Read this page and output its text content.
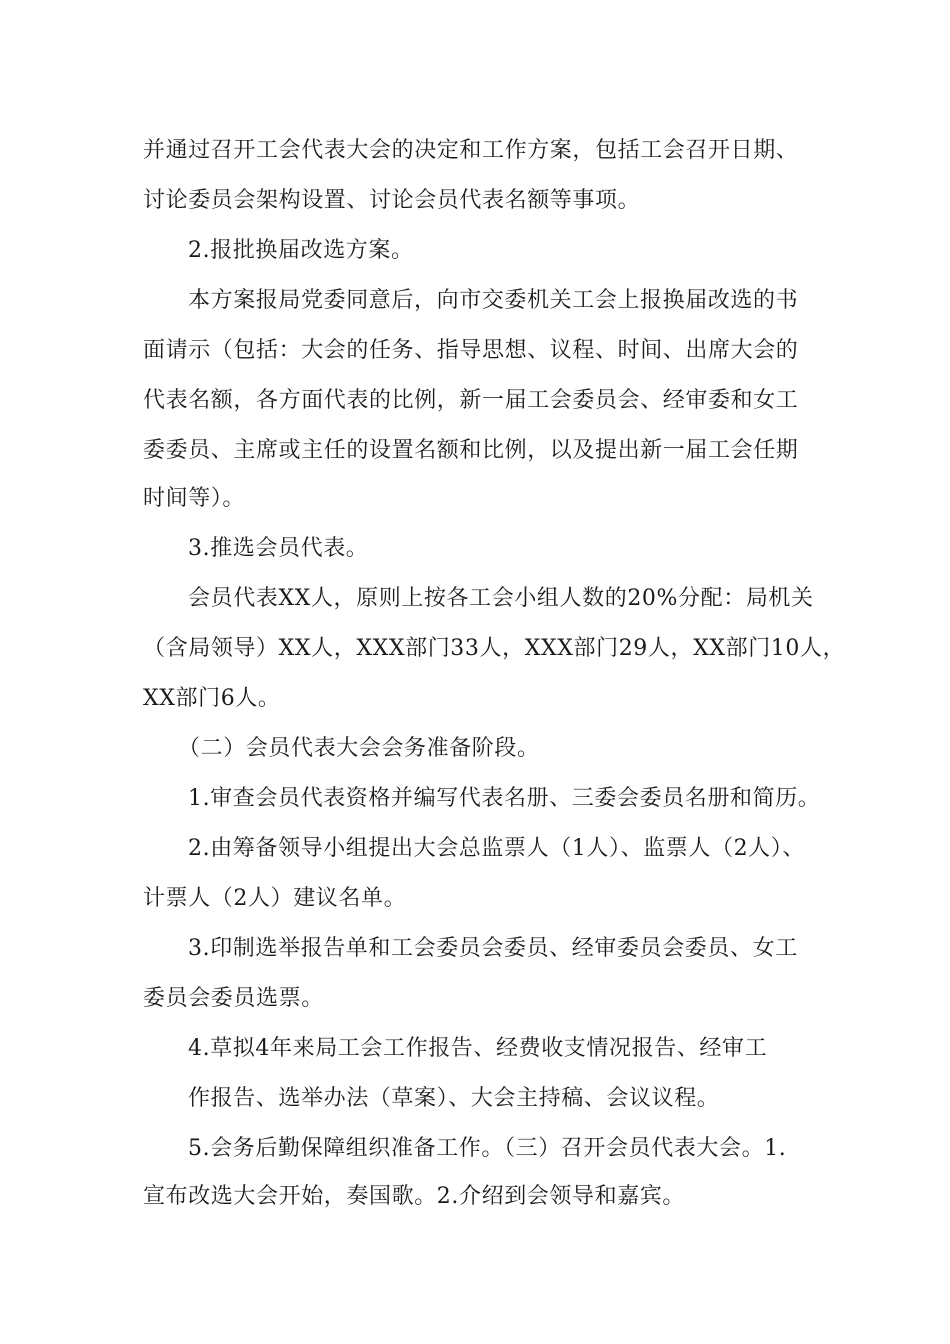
并通过召开工会代表大会的决定和工作方案，包括工会召开日期、
讨论委员会架构设置、讨论会员代表名额等事项。
2.报批换届改选方案。
本方案报局党委同意后，向市交委机关工会上报换届改选的书
面请示（包括：大会的任务、指导思想、议程、时间、出席大会的
代表名额，各方面代表的比例，新一届工会委员会、经审委和女工
委委员、主席或主任的设置名额和比例，以及提出新一届工会任期
时间等）。
3.推选会员代表。
会员代表XX人，原则上按各工会小组人数的20%分配：局机关
（含局领导）XX人，XXX部门33人，XXX部门29人，XX部门10人，
XX部门6人。
（二）会员代表大会会务准备阶段。
1.审查会员代表资格并编写代表名册、三委会委员名册和简历。
2.由筹备领导小组提出大会总监票人（1人）、监票人（2人）、
计票人（2人）建议名单。
3.印制选举报告单和工会委员会委员、经审委员会委员、女工
委员会委员选票。
4.草拟4年来局工会工作报告、经费收支情况报告、经审工
作报告、选举办法（草案）、大会主持稿、会议议程。
5.会务后勤保障组织准备工作。（三）召开会员代表大会。1.
宣布改选大会开始，奏国歌。2.介绍到会领导和嘉宾。
